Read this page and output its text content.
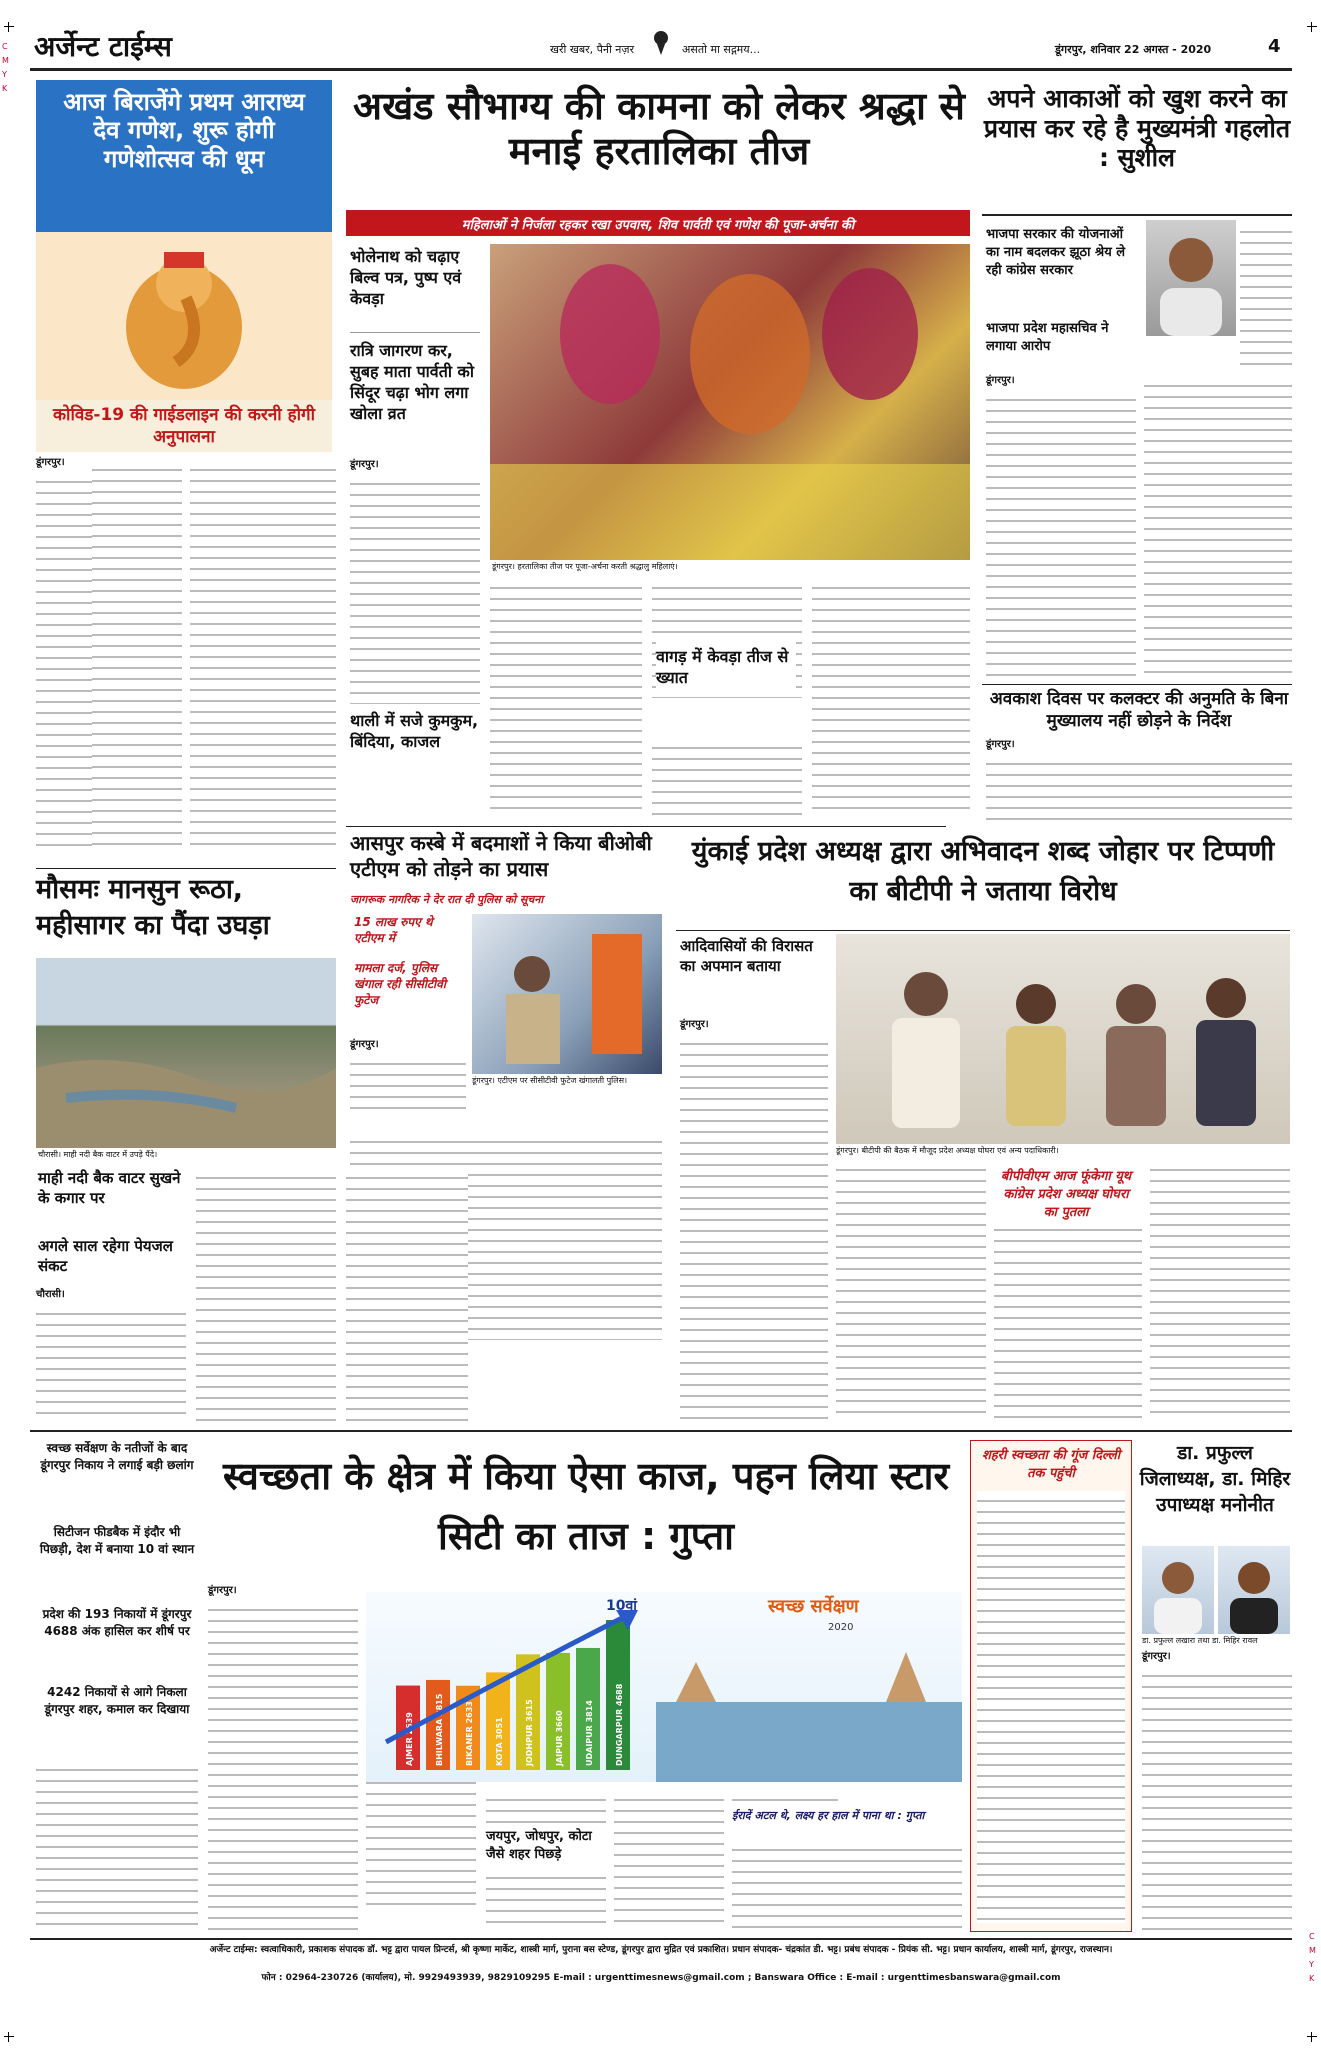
C M Y K
C M Y K
अर्जेन्ट टाईम्स	खरी खबर, पैनी नज़र	असतो मा सद्गमय...	डूंगरपुर, शनिवार 22 अगस्त - 2020	4
आज बिराजेंगे प्रथम आराध्य देव गणेश, शुरू होगी गणेशोत्सव की धूम
कोविड-19 की गाईडलाइन की करनी होगी अनुपालना
डूंगरपुर।
अखंड सौभाग्य की कामना को लेकर श्रद्धा से मनाई हरतालिका तीज
महिलाओं ने निर्जला रहकर रखा उपवास, शिव पार्वती एवं गणेश की पूजा-अर्चना की
भोलेनाथ को चढ़ाए बिल्व पत्र, पुष्प एवं केवड़ा
रात्रि जागरण कर, सुबह माता पार्वती को सिंदूर चढ़ा भोग लगा खोला व्रत
डूंगरपुर। हरतालिका तीज पर पूजा-अर्चना करती श्रद्धालु महिलाएं।
डूंगरपुर।
थाली में सजे कुमकुम, बिंदिया, काजल
वागड़ में केवड़ा तीज से ख्यात
अपने आकाओं को खुश करने का प्रयास कर रहे है मुख्यमंत्री गहलोत : सुशील
भाजपा सरकार की योजनाओं का नाम बदलकर झूठा श्रेय ले रही कांग्रेस सरकार
भाजपा प्रदेश महासचिव ने लगाया आरोप
डूंगरपुर।
अवकाश दिवस पर कलक्टर की अनुमति के बिना मुख्यालय नहीं छोड़ने के निर्देश
डूंगरपुर।
आसपुर कस्बे में बदमाशों ने किया बीओबी एटीएम को तोड़ने का प्रयास
जागरूक नागरिक ने देर रात दी पुलिस को सूचना
15 लाख रुपए थे एटीएम में
मामला दर्ज, पुलिस खंगाल रही सीसीटीवी फुटेज
डूंगरपुर। एटीएम पर सीसीटीवी फुटेज खंगालती पुलिस।
डूंगरपुर।
मौसमः मानसुन रूठा, महीसागर का पैंदा उघड़ा
चौरासी। माही नदी बैक वाटर में उपड़े पैंदे।
माही नदी बैक वाटर सुखने के कगार पर
अगले साल रहेगा पेयजल संकट
चौरासी।
युंकाई प्रदेश अध्यक्ष द्वारा अभिवादन शब्द जोहार पर टिप्पणी का बीटीपी ने जताया विरोध
आदिवासियों की विरासत का अपमान बताया
डूंगरपुर। बीटीपी की बैठक में मौजूद प्रदेश अध्यक्ष घोघरा एवं अन्य पदाधिकारी।
डूंगरपुर।
बीपीवीएम आज फूंकेगा यूथ कांग्रेस प्रदेश अध्यक्ष घोघरा का पुतला
स्वच्छ सर्वेक्षण के नतीजों के बाद डूंगरपुर निकाय ने लगाई बड़ी छलांग
सिटीजन फीडबैक में इंदौर भी पिछड़ी, देश में बनाया 10 वां स्थान
प्रदेश की 193 निकायों में डूंगरपुर 4688 अंक हासिल कर शीर्ष पर
4242 निकायों से आगे निकला डूंगरपुर शहर, कमाल कर दिखाया
स्वच्छता के क्षेत्र में किया ऐसा काज, पहन लिया स्टार सिटी का ताज : गुप्ता
डूंगरपुर।
AJMER 2639	BHILWARA 2815	BIKANER 2633	KOTA 3051	JODHPUR 3615	JAIPUR 3660	UDAIPUR 3814	DUNGARPUR 4688
स्वच्छ सर्वेक्षण
2020
10वां
जयपुर, जोधपुर, कोटा जैसे शहर पिछड़े
ईरादें अटल थे, लक्ष्य हर हाल में पाना था : गुप्ता
शहरी स्वच्छता की गूंज दिल्ली तक पहुंची
डा. प्रफुल्ल जिलाध्यक्ष, डा. मिहिर उपाध्यक्ष मनोनीत
डा. प्रफुल्ल लखारा तथा डा. मिहिर रावल
डूंगरपुर।
अर्जेन्ट टाईम्स: स्वत्वाधिकारी, प्रकाशक संपादक डॉ. भट्ट द्वारा पायल प्रिन्टर्स, श्री कृष्णा मार्केट, शास्त्री मार्ग, पुराना बस स्टेण्ड, डूंगरपुर द्वारा मुद्रित एवं प्रकाशित। प्रधान संपादक- चंद्रकांत डी. भट्ट। प्रबंध संपादक - प्रियंक सी. भट्ट। प्रधान कार्यालय, शास्त्री मार्ग, डूंगरपुर, राजस्थान।
फोन : 02964-230726 (कार्यालय), मो. 9929493939, 9829109295 E-mail : urgenttimesnews@gmail.com ; Banswara Office : E-mail : urgenttimesbanswara@gmail.com
